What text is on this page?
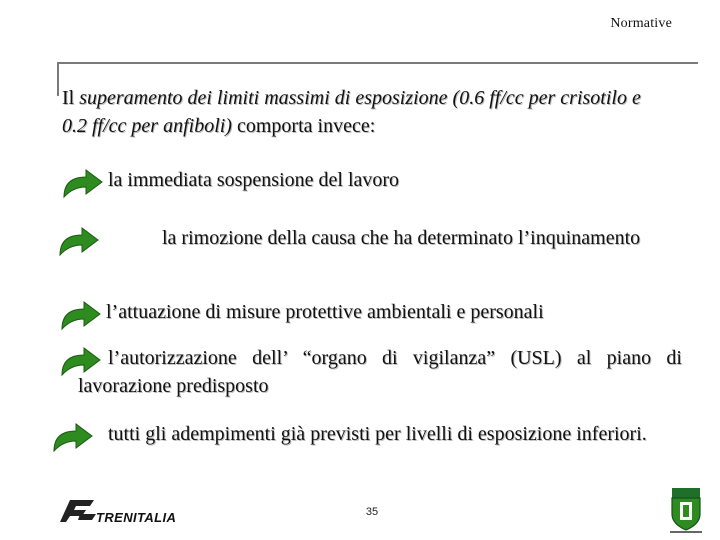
Normative
Il superamento dei limiti massimi di esposizione (0.6 ff/cc per crisotilo e 0.2 ff/cc per anfiboli) comporta invece:
la immediata sospensione del lavoro
la rimozione della causa che ha determinato l’inquinamento
l’attuazione di misure protettive ambientali e personali
l’autorizzazione dell’ “organo di vigilanza” (USL) al piano di lavorazione predisposto
tutti gli adempimenti già previsti per livelli di esposizione inferiori.
TRENITALIA	35
